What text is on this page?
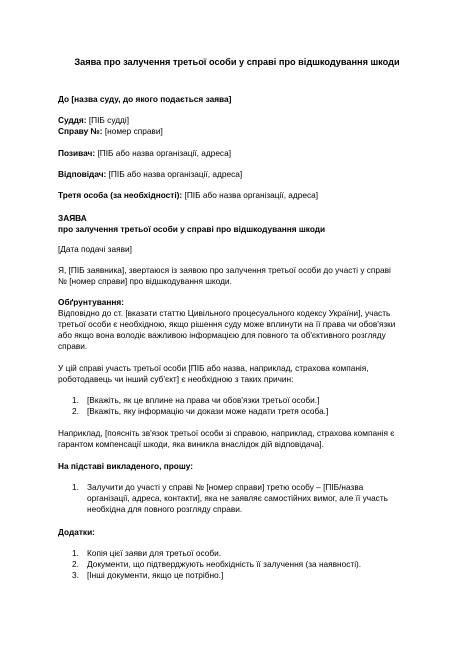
Заява про залучення третьої особи у справі про відшкодування шкоди
До [назва суду, до якого подається заява]
Суддя: [ПІБ судді]
Справу №: [номер справи]
Позивач: [ПІБ або назва організації, адреса]
Відповідач: [ПІБ або назва організації, адреса]
Третя особа (за необхідності): [ПІБ або назва організації, адреса]
ЗАЯВА
про залучення третьої особи у справі про відшкодування шкоди
[Дата подачі заяви]
Я, [ПІБ заявника], звертаюся із заявою про залучення третьої особи до участі у справі
№ [номер справи] про відшкодування шкоди.
Обґрунтування:
Відповідно до ст. [вказати статтю Цивільного процесуального кодексу України], участь
третьої особи є необхідною, якщо рішення суду може вплинути на її права чи обов'язки
або якщо вона володіє важливою інформацією для повного та об'єктивного розгляду
справи.
У цій справі участь третьої особи [ПІБ або назва, наприклад, страхова компанія,
роботодавець чи інший суб'єкт] є необхідною з таких причин:
1. [Вкажіть, як це вплине на права чи обов'язки третьої особи.]
2. [Вкажіть, яку інформацію чи докази може надати третя особа.]
Наприклад, [поясніть зв'язок третьої особи зі справою, наприклад, страхова компанія є
гарантом компенсації шкоди, яка виникла внаслідок дій відповідача].
На підставі викладеного, прошу:
1. Залучити до участі у справі № [номер справи] третю особу – [ПІБ/назва
організації, адреса, контакти], яка не заявляє самостійних вимог, але її участь
необхідна для повного розгляду справи.
Додатки:
1. Копія цієї заяви для третьої особи.
2. Документи, що підтверджують необхідність її залучення (за наявності).
3. [Інші документи, якщо це потрібно.]
